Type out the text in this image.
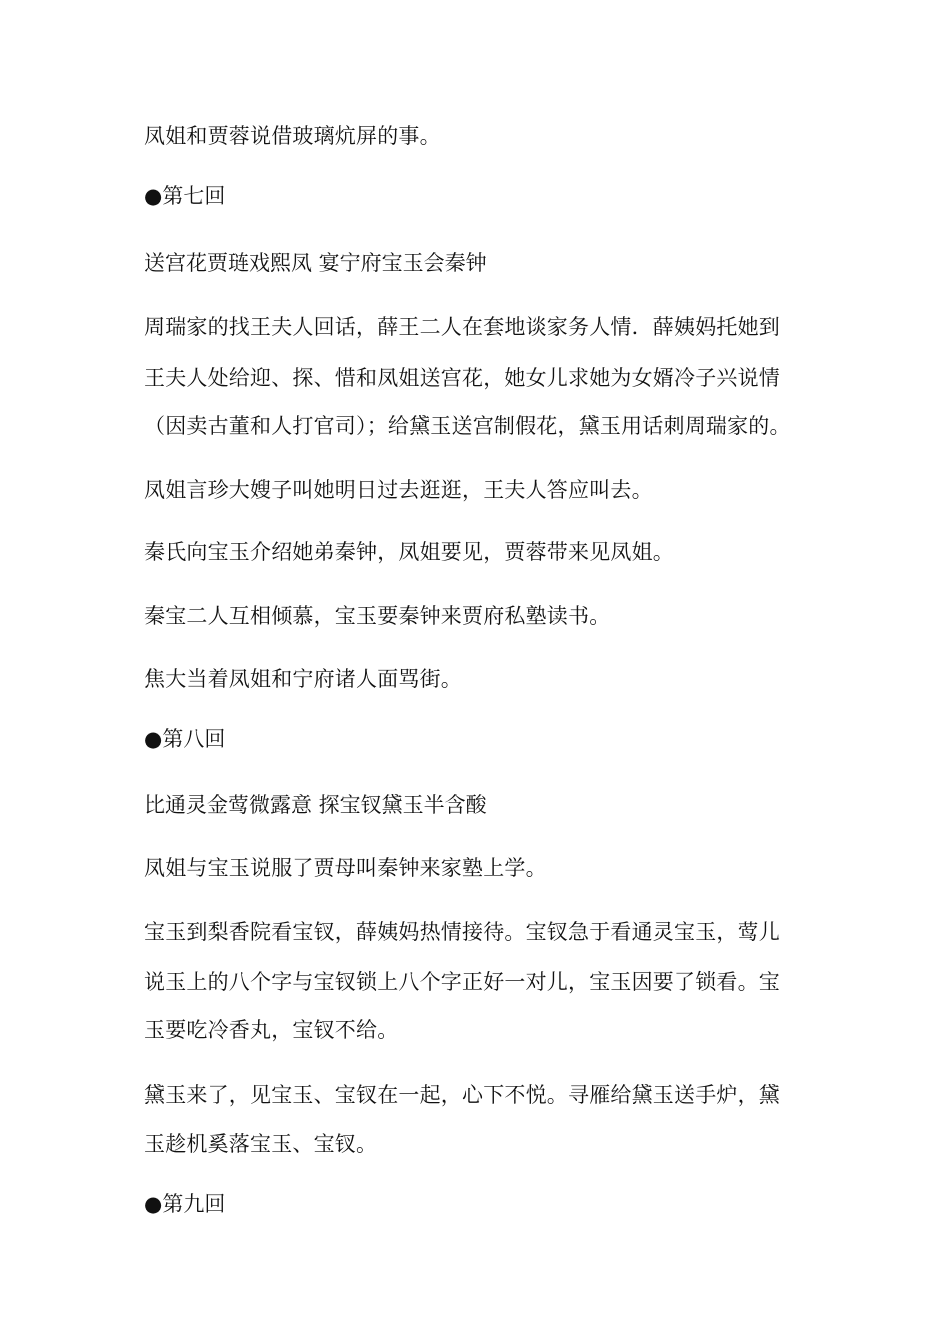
凤姐和贾蓉说借玻璃炕屏的事。
●第七回
送宫花贾琏戏熙凤 宴宁府宝玉会秦钟
周瑞家的找王夫人回话，薛王二人在套地谈家务人情．薛姨妈托她到
王夫人处给迎、探、惜和凤姐送宫花，她女儿求她为女婿冷子兴说情
（因卖古董和人打官司）；给黛玉送宫制假花，黛玉用话刺周瑞家的。
凤姐言珍大嫂子叫她明日过去逛逛，王夫人答应叫去。
秦氏向宝玉介绍她弟秦钟，凤姐要见，贾蓉带来见凤姐。
秦宝二人互相倾慕，宝玉要秦钟来贾府私塾读书。
焦大当着凤姐和宁府诸人面骂街。
●第八回
比通灵金莺微露意 探宝钗黛玉半含酸
凤姐与宝玉说服了贾母叫秦钟来家塾上学。
宝玉到梨香院看宝钗，薛姨妈热情接待。宝钗急于看通灵宝玉，莺儿
说玉上的八个字与宝钗锁上八个字正好一对儿，宝玉因要了锁看。宝
玉要吃冷香丸，宝钗不给。
黛玉来了，见宝玉、宝钗在一起，心下不悦。寻雁给黛玉送手炉，黛
玉趁机奚落宝玉、宝钗。
●第九回
